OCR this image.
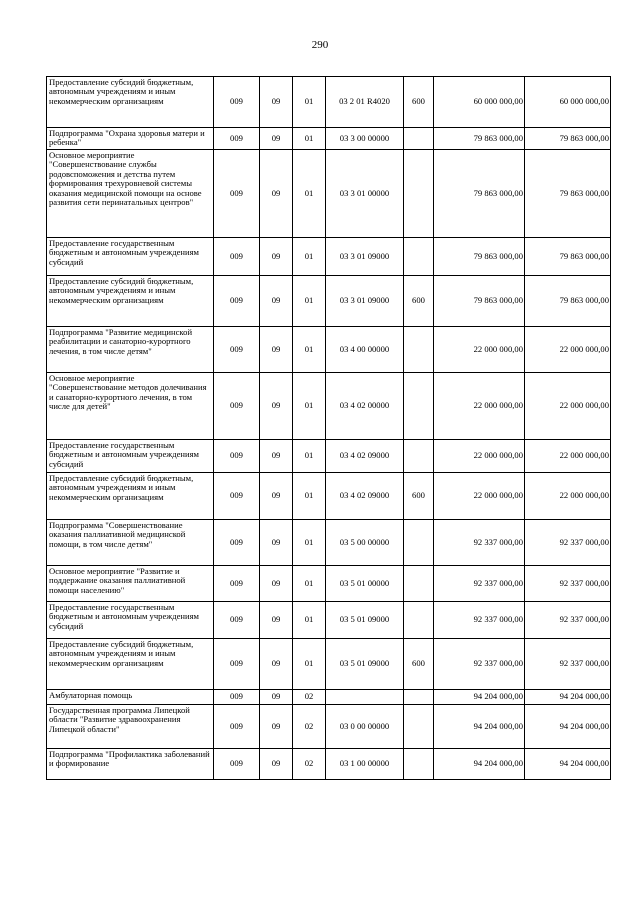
290
Предоставление субсидий бюджетным, автономным учреждениям и иным некоммерческим организациям	009	09	01	03 2 01 R4020	600	60 000 000,00	60 000 000,00
Подпрограмма "Охрана здоровья матери и ребенка"	009	09	01	03 3 00 00000		79 863 000,00	79 863 000,00
Основное мероприятие "Совершенствование службы родовспоможения и детства путем формирования трехуровневой системы оказания медицинской помощи на основе развития сети перинатальных центров"	009	09	01	03 3 01 00000		79 863 000,00	79 863 000,00
Предоставление государственным бюджетным и автономным учреждениям субсидий	009	09	01	03 3 01 09000		79 863 000,00	79 863 000,00
Предоставление субсидий бюджетным, автономным учреждениям и иным некоммерческим организациям	009	09	01	03 3 01 09000	600	79 863 000,00	79 863 000,00
Подпрограмма "Развитие медицинской реабилитации и санаторно-курортного лечения, в том числе детям"	009	09	01	03 4 00 00000		22 000 000,00	22 000 000,00
Основное мероприятие "Совершенствование методов долечивания и санаторно-курортного лечения, в том числе для детей"	009	09	01	03 4 02 00000		22 000 000,00	22 000 000,00
Предоставление государственным бюджетным и автономным учреждениям субсидий	009	09	01	03 4 02 09000		22 000 000,00	22 000 000,00
Предоставление субсидий бюджетным, автономным учреждениям и иным некоммерческим организациям	009	09	01	03 4 02 09000	600	22 000 000,00	22 000 000,00
Подпрограмма "Совершенствование оказания паллиативной медицинской помощи, в том числе детям"	009	09	01	03 5 00 00000		92 337 000,00	92 337 000,00
Основное мероприятие "Развитие и поддержание оказания паллиативной помощи населению"	009	09	01	03 5 01 00000		92 337 000,00	92 337 000,00
Предоставление государственным бюджетным и автономным учреждениям субсидий	009	09	01	03 5 01 09000		92 337 000,00	92 337 000,00
Предоставление субсидий бюджетным, автономным учреждениям и иным некоммерческим организациям	009	09	01	03 5 01 09000	600	92 337 000,00	92 337 000,00
Амбулаторная помощь	009	09	02			94 204 000,00	94 204 000,00
Государственная программа Липецкой области "Развитие здравоохранения Липецкой области"	009	09	02	03 0 00 00000		94 204 000,00	94 204 000,00
Подпрограмма "Профилактика заболеваний и формирование	009	09	02	03 1 00 00000		94 204 000,00	94 204 000,00
